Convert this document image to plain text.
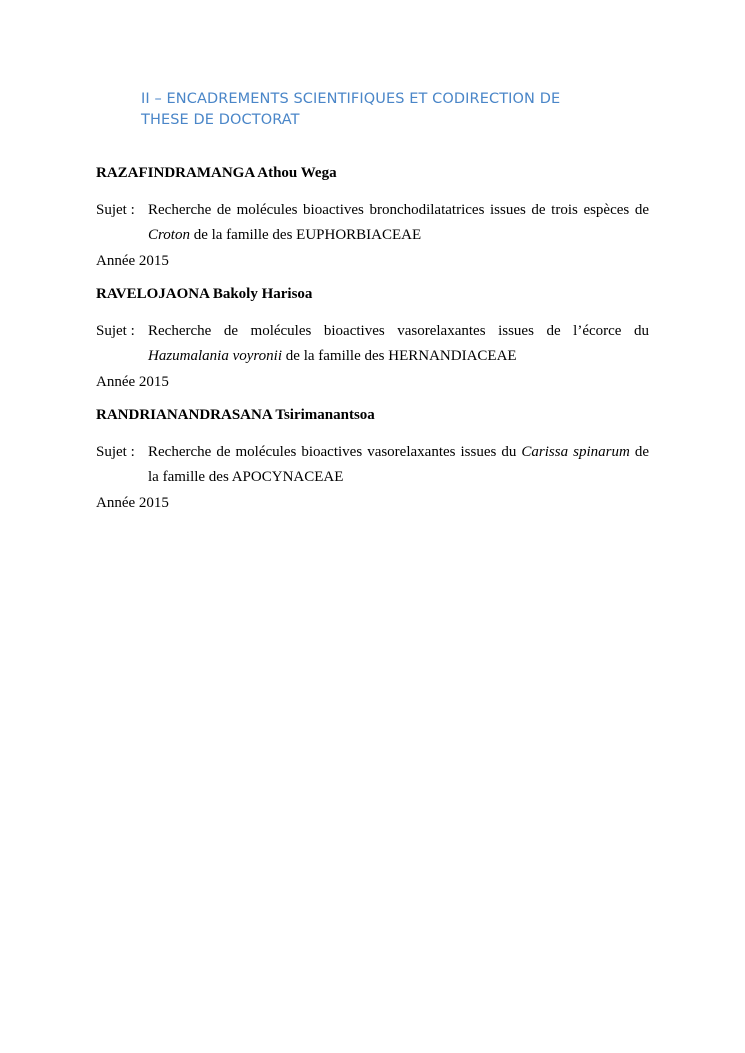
II – ENCADREMENTS SCIENTIFIQUES ET CODIRECTION DE
THESE DE DOCTORAT
RAZAFINDRAMANGA Athou Wega
Sujet : Recherche de molécules bioactives bronchodilatatrices issues de trois espèces de Croton de la famille des EUPHORBIACEAE
Année 2015
RAVELOJAONA Bakoly Harisoa
Sujet : Recherche de molécules bioactives vasorelaxantes issues de l’écorce du Hazumalania voyronii de la famille des HERNANDIACEAE
Année 2015
RANDRIANANDRASANA Tsirimanantsoa
Sujet : Recherche de molécules bioactives vasorelaxantes issues du Carissa spinarum de la famille des APOCYNACEAE
Année 2015
